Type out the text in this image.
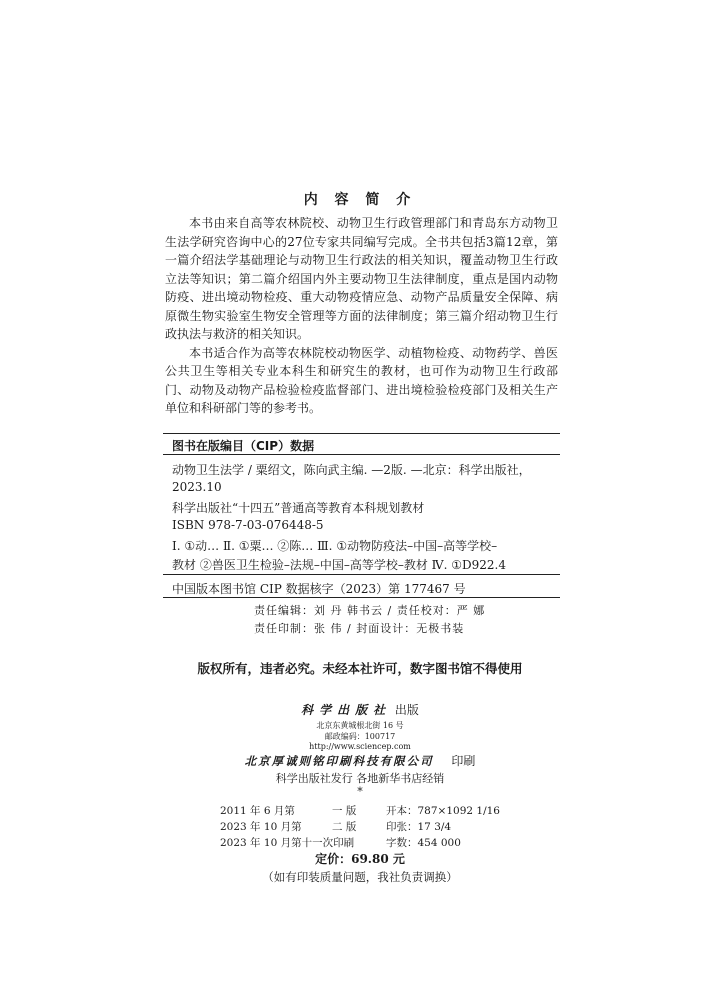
内 容 简 介

本书由来自高等农林院校、动物卫生行政管理部门和青岛东方动物卫生法学研究咨询中心的27位专家共同编写完成。全书共包括3篇12章，第一篇介绍法学基础理论与动物卫生行政法的相关知识，覆盖动物卫生行政立法等知识；第二篇介绍国内外主要动物卫生法律制度，重点是国内动物防疫、进出境动物检疫、重大动物疫情应急、动物产品质量安全保障、病原微生物实验室生物安全管理等方面的法律制度；第三篇介绍动物卫生行政执法与救济的相关知识。

本书适合作为高等农林院校动物医学、动植物检疫、动物药学、兽医公共卫生等相关专业本科生和研究生的教材，也可作为动物卫生行政部门、动物及动物产品检验检疫监督部门、进出境检验检疫部门及相关生产单位和科研部门等的参考书。

图书在版编目（CIP）数据
动物卫生法学 / 粟绍文，陈向武主编. —2版. —北京：科学出版社，
2023.10
科学出版社“十四五”普通高等教育本科规划教材
ISBN 978-7-03-076448-5
Ⅰ. ①动… Ⅱ. ①粟… ②陈… Ⅲ. ①动物防疫法–中国–高等学校–
教材 ②兽医卫生检验–法规–中国–高等学校–教材 Ⅳ. ①D922.4
中国版本图书馆 CIP 数据核字（2023）第 177467 号
责任编辑：刘 丹 韩书云 / 责任校对：严 娜
责任印制：张 伟 / 封面设计：无极书装
版权所有，违者必究。未经本社许可，数字图书馆不得使用
科学出版社 出版
北京东黄城根北街 16 号
邮政编码：100717
http://www.sciencep.com
北京厚诚则铭印刷科技有限公司 印刷
科学出版社发行 各地新华书店经销
*
2011 年 6 月第	一 版	开本：787×1092 1/16
2023 年 10 月第	二 版	印张：17 3/4
2023 年 10 月第十一次印刷	字数：454 000
定价：69.80 元
（如有印装质量问题，我社负责调换）
